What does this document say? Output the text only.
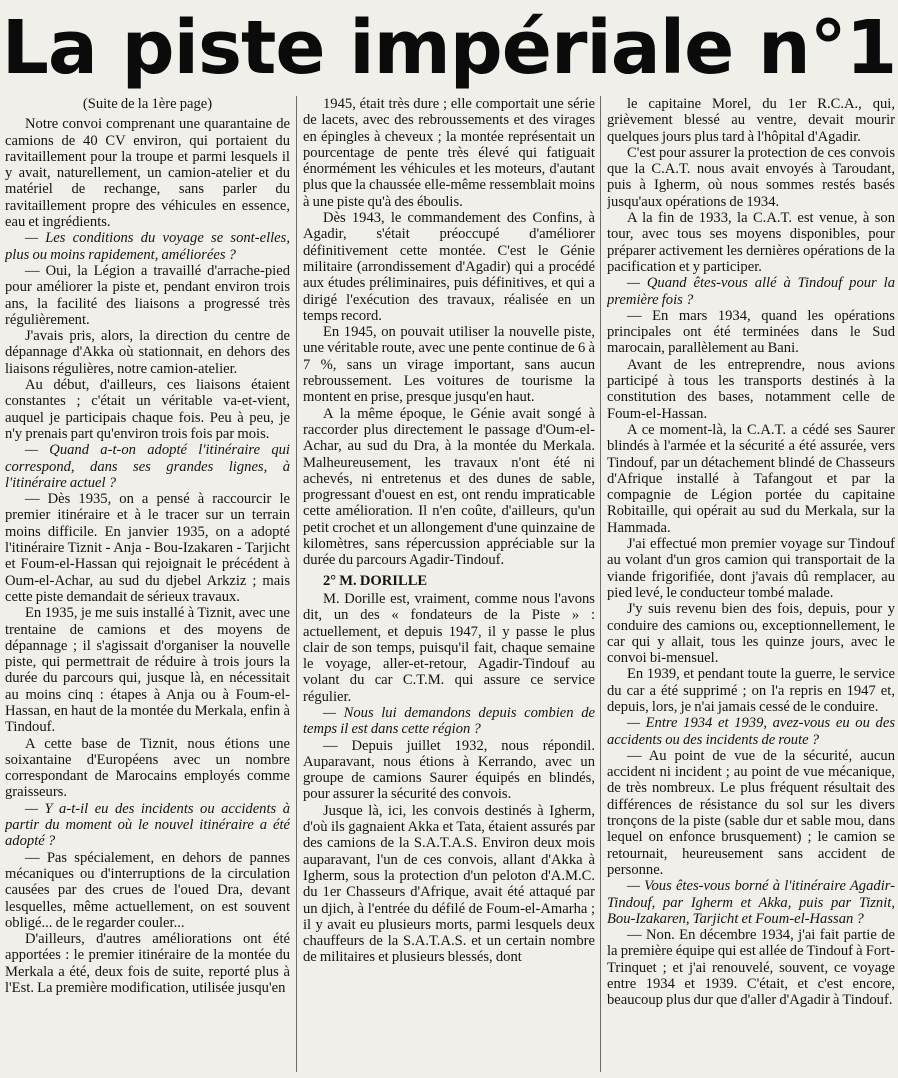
La piste impériale n°1

(Suite de la 1ère page)

Notre convoi comprenant une quarantaine de camions de 40 CV environ, qui portaient du ravitaillement pour la troupe et parmi lesquels il y avait, naturellement, un camion-atelier et du matériel de rechange, sans parler du ravitaillement propre des véhicules en essence, eau et ingrédients.

— Les conditions du voyage se sont-elles, plus ou moins rapidement, améliorées ?

— Oui, la Légion a travaillé d'arrache-pied pour améliorer la piste et, pendant environ trois ans, la facilité des liaisons a progressé très régulièrement.

J'avais pris, alors, la direction du centre de dépannage d'Akka où stationnait, en dehors des liaisons régulières, notre camion-atelier.

Au début, d'ailleurs, ces liaisons étaient constantes ; c'était un véritable va-et-vient, auquel je participais chaque fois. Peu à peu, je n'y prenais part qu'environ trois fois par mois.

— Quand a-t-on adopté l'itinéraire qui correspond, dans ses grandes lignes, à l'itinéraire actuel ?

— Dès 1935, on a pensé à raccourcir le premier itinéraire et à le tracer sur un terrain moins difficile. En janvier 1935, on a adopté l'itinéraire Tiznit - Anja - Bou-Izakaren - Tarjicht et Foum-el-Hassan qui rejoignait le précédent à Oum-el-Achar, au sud du djebel Arkziz ; mais cette piste demandait de sérieux travaux.

En 1935, je me suis installé à Tiznit, avec une trentaine de camions et des moyens de dépannage ; il s'agissait d'organiser la nouvelle piste, qui permettrait de réduire à trois jours la durée du parcours qui, jusque là, en nécessitait au moins cinq : étapes à Anja ou à Foum-el-Hassan, en haut de la montée du Merkala, enfin à Tindouf.

A cette base de Tiznit, nous étions une soixantaine d'Européens avec un nombre correspondant de Marocains employés comme graisseurs.

— Y a-t-il eu des incidents ou accidents à partir du moment où le nouvel itinéraire a été adopté ?

— Pas spécialement, en dehors de pannes mécaniques ou d'interruptions de la circulation causées par des crues de l'oued Dra, devant lesquelles, même actuellement, on est souvent obligé... de le regarder couler...

D'ailleurs, d'autres améliorations ont été apportées : le premier itinéraire de la montée du Merkala a été, deux fois de suite, reporté plus à l'Est. La première modification, utilisée jusqu'en

1945, était très dure ; elle comportait une série de lacets, avec des rebroussements et des virages en épingles à cheveux ; la montée représentait un pourcentage de pente très élevé qui fatiguait énormément les véhicules et les moteurs, d'autant plus que la chaussée elle-même ressemblait moins à une piste qu'à des éboulis.

Dès 1943, le commandement des Confins, à Agadir, s'était préoccupé d'améliorer définitivement cette montée. C'est le Génie militaire (arrondissement d'Agadir) qui a procédé aux études préliminaires, puis définitives, et qui a dirigé l'exécution des travaux, réalisée en un temps record.

En 1945, on pouvait utiliser la nouvelle piste, une véritable route, avec une pente continue de 6 à 7 %, sans un virage important, sans aucun rebroussement. Les voitures de tourisme la montent en prise, presque jusqu'en haut.

A la même époque, le Génie avait songé à raccorder plus directement le passage d'Oum-el-Achar, au sud du Dra, à la montée du Merkala. Malheureusement, les travaux n'ont été ni achevés, ni entretenus et des dunes de sable, progressant d'ouest en est, ont rendu impraticable cette amélioration. Il n'en coûte, d'ailleurs, qu'un petit crochet et un allongement d'une quinzaine de kilomètres, sans répercussion appréciable sur la durée du parcours Agadir-Tindouf.

2° M. DORILLE

M. Dorille est, vraiment, comme nous l'avons dit, un des « fondateurs de la Piste » : actuellement, et depuis 1947, il y passe le plus clair de son temps, puisqu'il fait, chaque semaine le voyage, aller-et-retour, Agadir-Tindouf au volant du car C.T.M. qui assure ce service régulier.

— Nous lui demandons depuis combien de temps il est dans cette région ?

— Depuis juillet 1932, nous répondil. Auparavant, nous étions à Kerrando, avec un groupe de camions Saurer équipés en blindés, pour assurer la sécurité des convois.

Jusque là, ici, les convois destinés à Igherm, d'où ils gagnaient Akka et Tata, étaient assurés par des camions de la S.A.T.A.S. Environ deux mois auparavant, l'un de ces convois, allant d'Akka à Igherm, sous la protection d'un peloton d'A.M.C. du 1er Chasseurs d'Afrique, avait été attaqué par un djich, à l'entrée du défilé de Foum-el-Amarha ; il y avait eu plusieurs morts, parmi lesquels deux chauffeurs de la S.A.T.A.S. et un certain nombre de militaires et plusieurs blessés, dont

le capitaine Morel, du 1er R.C.A., qui, grièvement blessé au ventre, devait mourir quelques jours plus tard à l'hôpital d'Agadir.

C'est pour assurer la protection de ces convois que la C.A.T. nous avait envoyés à Taroudant, puis à Igherm, où nous sommes restés basés jusqu'aux opérations de 1934.

A la fin de 1933, la C.A.T. est venue, à son tour, avec tous ses moyens disponibles, pour préparer activement les dernières opérations de la pacification et y participer.

— Quand êtes-vous allé à Tindouf pour la première fois ?

— En mars 1934, quand les opérations principales ont été terminées dans le Sud marocain, parallèlement au Bani.

Avant de les entreprendre, nous avions participé à tous les transports destinés à la constitution des bases, notamment celle de Foum-el-Hassan.

A ce moment-là, la C.A.T. a cédé ses Saurer blindés à l'armée et la sécurité a été assurée, vers Tindouf, par un détachement blindé de Chasseurs d'Afrique installé à Tafangout et par la compagnie de Légion portée du capitaine Robitaille, qui opérait au sud du Merkala, sur la Hammada.

J'ai effectué mon premier voyage sur Tindouf au volant d'un gros camion qui transportait de la viande frigorifiée, dont j'avais dû remplacer, au pied levé, le conducteur tombé malade.

J'y suis revenu bien des fois, depuis, pour y conduire des camions ou, exceptionnellement, le car qui y allait, tous les quinze jours, avec le convoi bi-mensuel.

En 1939, et pendant toute la guerre, le service du car a été supprimé ; on l'a repris en 1947 et, depuis, lors, je n'ai jamais cessé de le conduire.

— Entre 1934 et 1939, avez-vous eu ou des accidents ou des incidents de route ?

— Au point de vue de la sécurité, aucun accident ni incident ; au point de vue mécanique, de très nombreux. Le plus fréquent résultait des différences de résistance du sol sur les divers tronçons de la piste (sable dur et sable mou, dans lequel on enfonce brusquement) ; le camion se retournait, heureusement sans accident de personne.

— Vous êtes-vous borné à l'itinéraire Agadir-Tindouf, par Igherm et Akka, puis par Tiznit, Bou-Izakaren, Tarjicht et Foum-el-Hassan ?

— Non. En décembre 1934, j'ai fait partie de la première équipe qui est allée de Tindouf à Fort-Trinquet ; et j'ai renouvelé, souvent, ce voyage entre 1934 et 1939. C'était, et c'est encore, beaucoup plus dur que d'aller d'Agadir à Tindouf.
